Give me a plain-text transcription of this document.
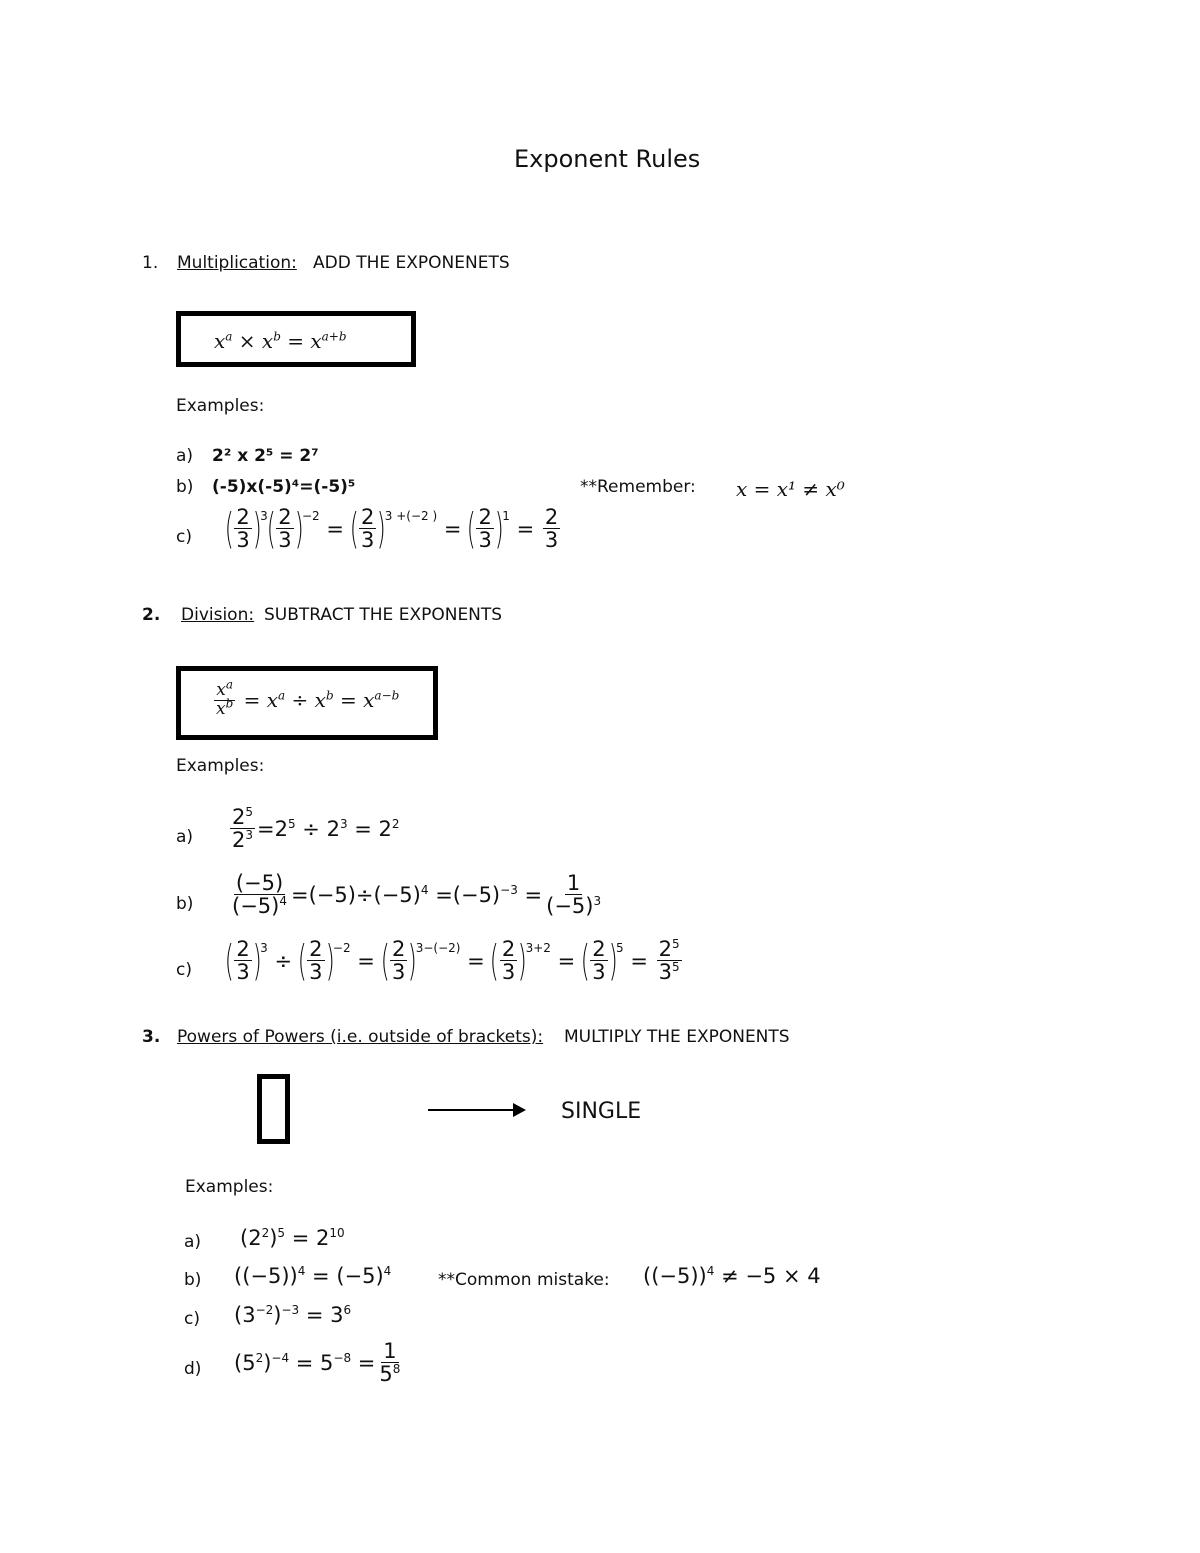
Exponent Rules
1. Multiplication: ADD THE EXPONENETS
$x^a \times x^b = x^{a+b}$
Examples:
a) 2² x 2⁵ = 2⁷
b) (-5)x(-5)⁴=(-5)⁵	**Remember: x = x¹ ≠ x⁰
c) ( $\frac{2}{3}$ )
3
( $\frac{2}{3}$ )
−2
=
( $\frac{2}{3}$ )
3 +(−2 )
=
( $\frac{2}{3}$ )
1
= $\frac{2}{3}$
2. Division: SUBTRACT THE EXPONENTS
$\frac{x^a}{x^b} = x^a \div x^b = x^{a-b}$
Examples:
$a) \frac{2^5}{2^3} =2^5 \div 2^3 = 2^2$
$b) \frac{(-5)}{(-5)^4} =(-5)\div(-5)^4 =(-5)^{-3} = \frac{1}{(-5)^3}$
c) ( $\frac{2}{3}$ )
3
÷
( $\frac{2}{3}$ )
−2
=
( $\frac{2}{3}$ )
3−(−2)
=
( $\frac{2}{3}$ )
3+2
=
( $\frac{2}{3}$ )
5
= $\frac{2^5}{3^5}$
3. Powers of Powers (i.e. outside of brackets): MULTIPLY THE EXPONENTS
SINGLE
Examples:
a) $(2^2)^5 = 2^{10}$
b) $((-5))^4 = (-5)^4$	**Common mistake: $((-5))^4 \ne -5 \times 4$
c) $(3^{-2})^{-3} = 3^6$
d) $(5^2)^{-4} = 5^{-8} = \frac{1}{5^8}$
